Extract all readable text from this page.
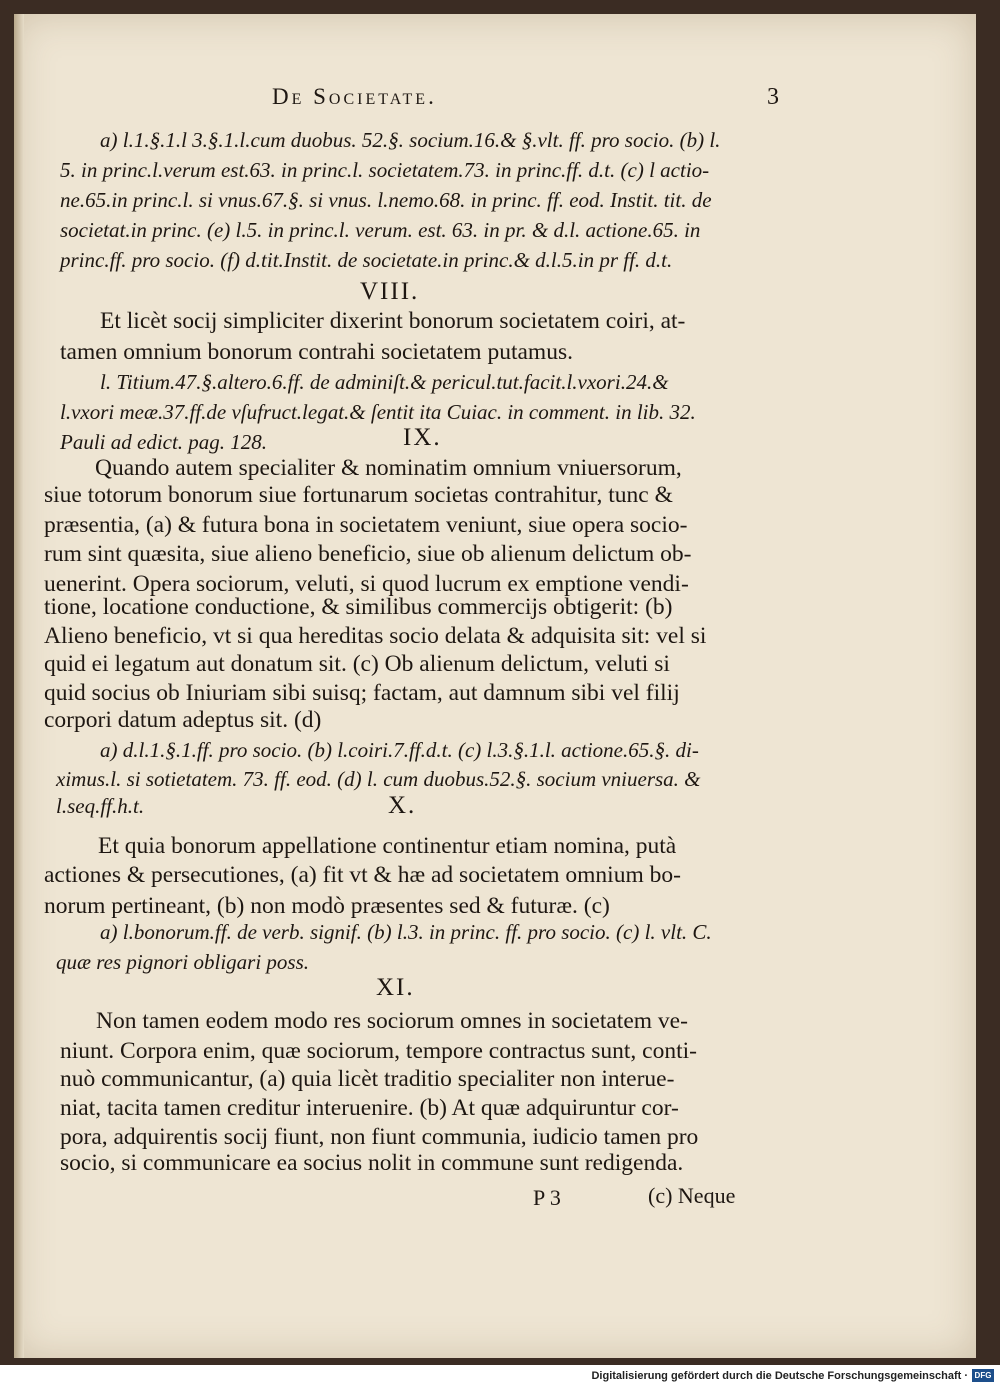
De Societate.	3
a) l.1.§.1.l 3.§.1.l.cum duobus. 52.§. socium.16.& §.vlt. ff. pro socio. (b) l.
5. in princ.l.verum est.63. in princ.l. societatem.73. in princ.ff. d.t. (c) l actio-
ne.65.in princ.l. si vnus.67.§. si vnus. l.nemo.68. in princ. ff. eod. Instit. tit. de
societat.in princ. (e) l.5. in princ.l. verum. est. 63. in pr. & d.l. actione.65. in
princ.ff. pro socio. (f) d.tit.Instit. de societate.in princ.& d.l.5.in pr ff. d.t.
VIII.
Et licèt socij simpliciter dixerint bonorum societatem coiri, at-
tamen omnium bonorum contrahi societatem putamus.
l. Titium.47.§.altero.6.ff. de adminiſt.& pericul.tut.facit.l.vxori.24.&
l.vxori meæ.37.ff.de vſufruct.legat.& ſentit ita Cuiac. in comment. in lib. 32.
Pauli ad edict. pag. 128.	IX.
Quando autem specialiter & nominatim omnium vniuersorum,
siue totorum bonorum siue fortunarum societas contrahitur, tunc &
præsentia, (a) & futura bona in societatem veniunt, siue opera socio-
rum sint quæsita, siue alieno beneficio, siue ob alienum delictum ob-
uenerint. Opera sociorum, veluti, si quod lucrum ex emptione vendi-
tione, locatione conductione, & similibus commercijs obtigerit: (b)
Alieno beneficio, vt si qua hereditas socio delata & adquisita sit: vel si
quid ei legatum aut donatum sit. (c) Ob alienum delictum, veluti si
quid socius ob Iniuriam sibi suisq; factam, aut damnum sibi vel filij
corpori datum adeptus sit. (d)
a) d.l.1.§.1.ff. pro socio. (b) l.coiri.7.ff.d.t. (c) l.3.§.1.l. actione.65.§. di-
ximus.l. si sotietatem. 73. ff. eod. (d) l. cum duobus.52.§. socium vniuersa. &
l.seq.ff.h.t.	X.
Et quia bonorum appellatione continentur etiam nomina, putà
actiones & persecutiones, (a) fit vt & hæ ad societatem omnium bo-
norum pertineant, (b) non modò præsentes sed & futuræ. (c)
a) l.bonorum.ff. de verb. signif. (b) l.3. in princ. ff. pro socio. (c) l. vlt. C.
quæ res pignori obligari poss.
XI.
Non tamen eodem modo res sociorum omnes in societatem ve-
niunt. Corpora enim, quæ sociorum, tempore contractus sunt, conti-
nuò communicantur, (a) quia licèt traditio specialiter non interue-
niat, tacita tamen creditur interuenire. (b) At quæ adquiruntur cor-
pora, adquirentis socij fiunt, non fiunt communia, iudicio tamen pro
socio, si communicare ea socius nolit in commune sunt redigenda.
P 3	(c) Neque
Digitalisierung gefördert durch die Deutsche Forschungsgemeinschaft · DFG
